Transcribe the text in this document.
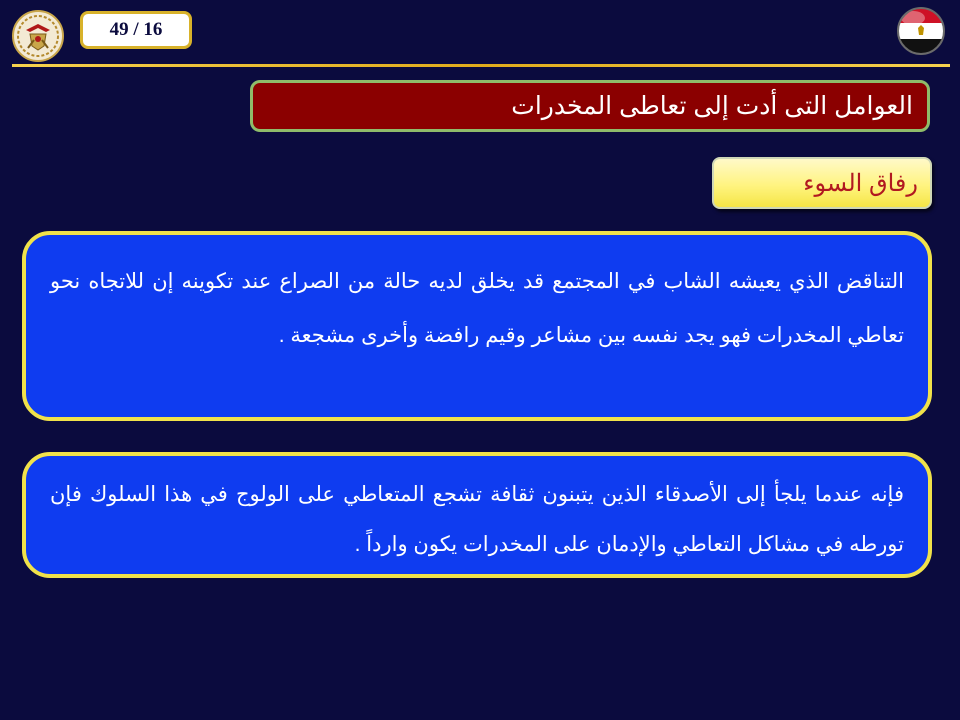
49 / 16
العوامل التى أدت إلى تعاطى المخدرات
رفاق السوء

التناقض الذي يعيشه الشاب في المجتمع قد يخلق لديه حالة من الصراع عند تكوينه إن للاتجاه نحو تعاطي المخدرات فهو يجد نفسه بين مشاعر وقيم رافضة وأخرى مشجعة .

فإنه عندما يلجأ إلى الأصدقاء الذين يتبنون ثقافة تشجع المتعاطي على الولوج في هذا السلوك فإن تورطه في مشاكل التعاطي والإدمان على المخدرات يكون وارداً .
